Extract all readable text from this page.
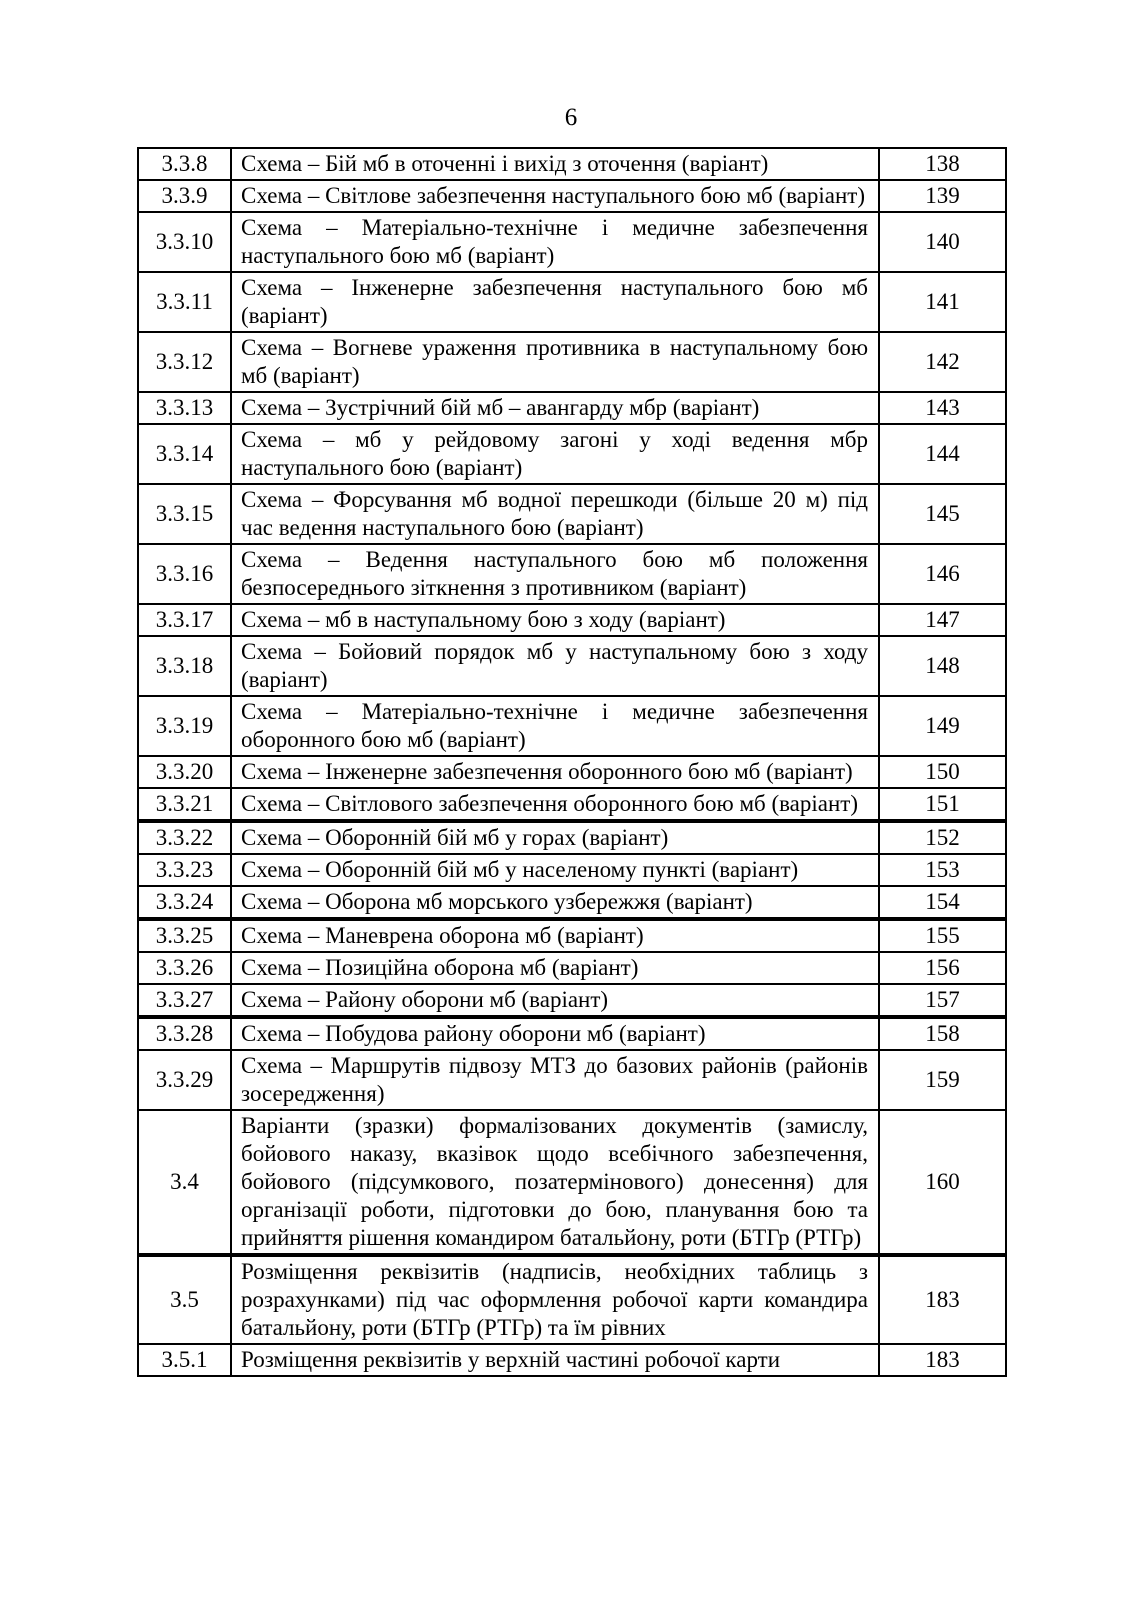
6
3.3.8	Схема – Бій мб в оточенні і вихід з оточення (варіант)	138
3.3.9	Схема – Світлове забезпечення наступального бою мб (варіант)	139
3.3.10	Схема – Матеріально-технічне і медичне забезпечення наступального бою мб (варіант)	140
3.3.11	Схема – Інженерне забезпечення наступального бою мб (варіант)	141
3.3.12	Схема – Вогневе ураження противника в наступальному бою мб (варіант)	142
3.3.13	Схема – Зустрічний бій мб – авангарду мбр (варіант)	143
3.3.14	Схема – мб у рейдовому загоні у ході ведення мбр наступального бою (варіант)	144
3.3.15	Схема – Форсування мб водної перешкоди (більше 20 м) під час ведення наступального бою (варіант)	145
3.3.16	Схема – Ведення наступального бою мб положення безпосереднього зіткнення з противником (варіант)	146
3.3.17	Схема – мб в наступальному бою з ходу (варіант)	147
3.3.18	Схема – Бойовий порядок мб у наступальному бою з ходу (варіант)	148
3.3.19	Схема – Матеріально-технічне і медичне забезпечення оборонного бою мб (варіант)	149
3.3.20	Схема – Інженерне забезпечення оборонного бою мб (варіант)	150
3.3.21	Схема – Світлового забезпечення оборонного бою мб (варіант)	151
3.3.22	Схема – Оборонній бій мб у горах (варіант)	152
3.3.23	Схема – Оборонній бій мб у населеному пункті (варіант)	153
3.3.24	Схема – Оборона мб морського узбережжя (варіант)	154
3.3.25	Схема – Маневрена оборона мб (варіант)	155
3.3.26	Схема – Позиційна оборона мб (варіант)	156
3.3.27	Схема – Району оборони мб (варіант)	157
3.3.28	Схема – Побудова району оборони мб (варіант)	158
3.3.29	Схема – Маршрутів підвозу МТЗ до базових районів (районів зосередження)	159
3.4	Варіанти (зразки) формалізованих документів (замислу, бойового наказу, вказівок щодо всебічного забезпечення, бойового (підсумкового, позатермінового) донесення) для організації роботи, підготовки до бою, планування бою та прийняття рішення командиром батальйону, роти (БТГр (РТГр)	160
3.5	Розміщення реквізитів (надписів, необхідних таблиць з розрахунками) під час оформлення робочої карти командира батальйону, роти (БТГр (РТГр) та їм рівних	183
3.5.1	Розміщення реквізитів у верхній частині робочої карти	183
